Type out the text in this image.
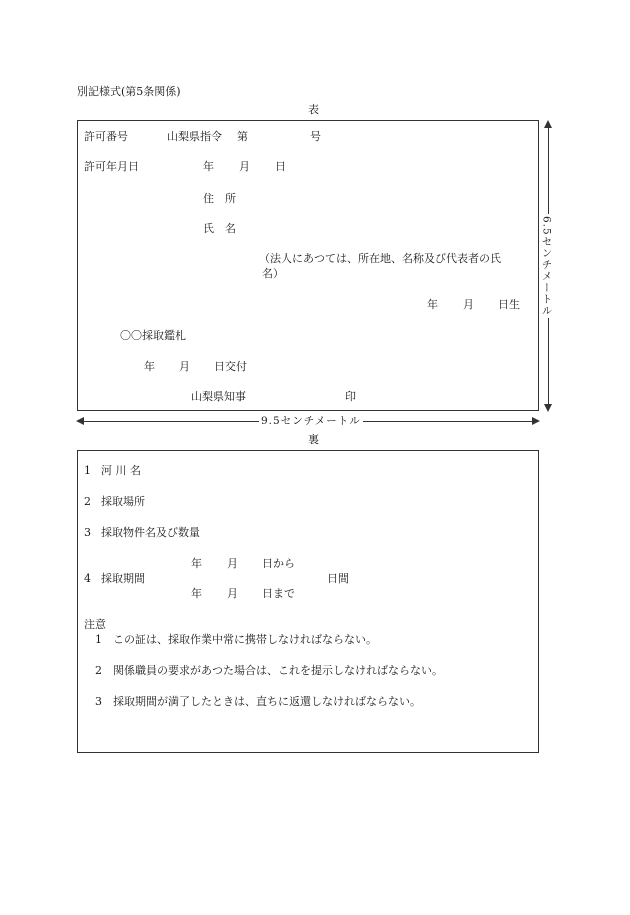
別記様式(第5条関係)
表
許可番号	山梨県指令 第	号
許可年月日	年 月 日
住　所
氏　名
（法人にあつては、所在地、名称及び代表者の氏
名）
年 月 日生
〇〇採取鑑札
年 月 日交付
山梨県知事	印
6.5センチメートル
9.5センチメートル
裏
1 河 川 名
2 採取場所
3 採取物件名及び数量
年 月 日から
4 採取期間	日間
年 月 日まで
注意
1 この証は、採取作業中常に携帯しなければならない。
2 関係職員の要求があつた場合は、これを提示しなければならない。
3 採取期間が満了したときは、直ちに返還しなければならない。
